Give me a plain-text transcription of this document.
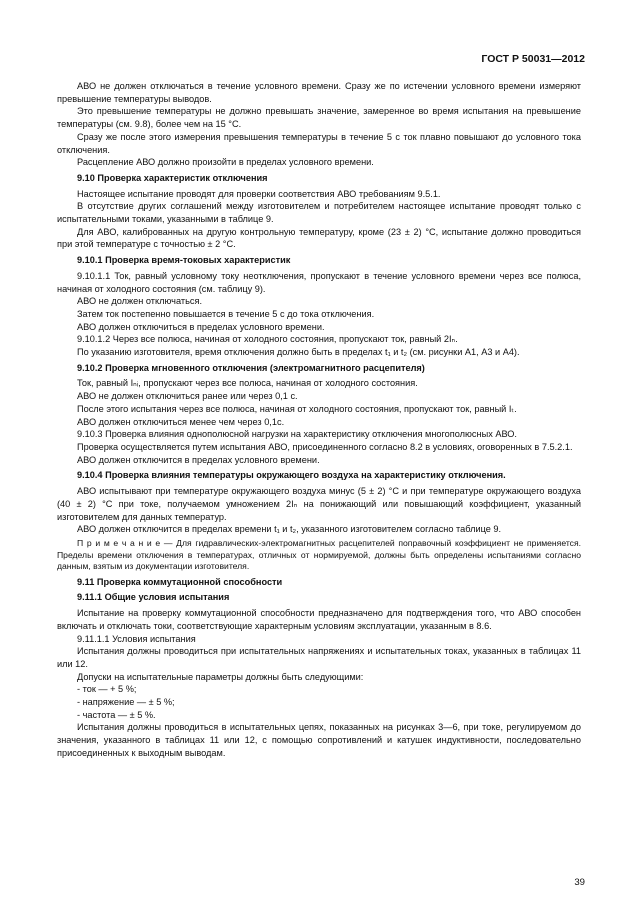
ГОСТ Р 50031—2012

АВО не должен отключаться в течение условного времени. Сразу же по истечении условного времени измеряют превышение температуры выводов.

Это превышение температуры не должно превышать значение, замеренное во время испытания на превышение температуры (см. 9.8), более чем на 15 °С.

Сразу же после этого измерения превышения температуры в течение 5 с ток плавно повышают до условного тока отключения.

Расцепление АВО должно произойти в пределах условного времени.

9.10 Проверка характеристик отключения

Настоящее испытание проводят для проверки соответствия АВО требованиям 9.5.1.

В отсутствие других соглашений между изготовителем и потребителем настоящее испытание проводят только с испытательными токами, указанными в таблице 9.

Для АВО, калиброванных на другую контрольную температуру, кроме (23 ± 2) °С, испытание должно проводиться при этой температуре с точностью ± 2 °С.

9.10.1 Проверка время-токовых характеристик

9.10.1.1 Ток, равный условному току неотключения, пропускают в течение условного времени через все полюса, начиная от холодного состояния (см. таблицу 9).

АВО не должен отключаться.

Затем ток постепенно повышается в течение 5 с до тока отключения.

АВО должен отключиться в пределах условного времени.

9.10.1.2 Через все полюса, начиная от холодного состояния, пропускают ток, равный 2Iₙ.

По указанию изготовителя, время отключения должно быть в пределах t₁ и t₂ (см. рисунки А1, А3 и А4).

9.10.2 Проверка мгновенного отключения (электромагнитного расцепителя)

Ток, равный Iₙᵢ, пропускают через все полюса, начиная от холодного состояния.

АВО не должен отключиться ранее или через 0,1 с.

После этого испытания через все полюса, начиная от холодного состояния, пропускают ток, равный Iₜ.

АВО должен отключиться менее чем через 0,1с.

9.10.3 Проверка влияния однополюсной нагрузки на характеристику отключения многополюсных АВО.

Проверка осуществляется путем испытания АВО, присоединенного согласно 8.2 в условиях, оговоренных в 7.5.2.1.

АВО должен отключится в пределах условного времени.

9.10.4 Проверка влияния температуры окружающего воздуха на характеристику отключения.

АВО испытывают при температуре окружающего воздуха минус (5 ± 2) °С и при температуре окружающего воздуха (40 ± 2) °С при токе, получаемом умножением 2Iₙ на понижающий или повышающий коэффициент, указанный изготовителем для данных температур.

АВО должен отключится в пределах времени t₁ и t₂, указанного изготовителем согласно таблице 9.

П р и м е ч а н и е — Для гидравлических-электромагнитных расцепителей поправочный коэффициент не применяется. Пределы времени отключения в температурах, отличных от нормируемой, должны быть определены испытаниями согласно данным, взятым из документации изготовителя.

9.11 Проверка коммутационной способности

9.11.1 Общие условия испытания

Испытание на проверку коммутационной способности предназначено для подтверждения того, что АВО способен включать и отключать токи, соответствующие характерным условиям эксплуатации, указанным в 8.6.

9.11.1.1 Условия испытания

Испытания должны проводиться при испытательных напряжениях и испытательных токах, указанных в таблицах 11 или 12.

Допуски на испытательные параметры должны быть следующими:

- ток — + 5 %;

- напряжение — ± 5 %;

- частота — ± 5 %.

Испытания должны проводиться в испытательных цепях, показанных на рисунках 3—6, при токе, регулируемом до значения, указанного в таблицах 11 или 12, с помощью сопротивлений и катушек индуктивности, последовательно присоединенных к выходным выводам.

39
